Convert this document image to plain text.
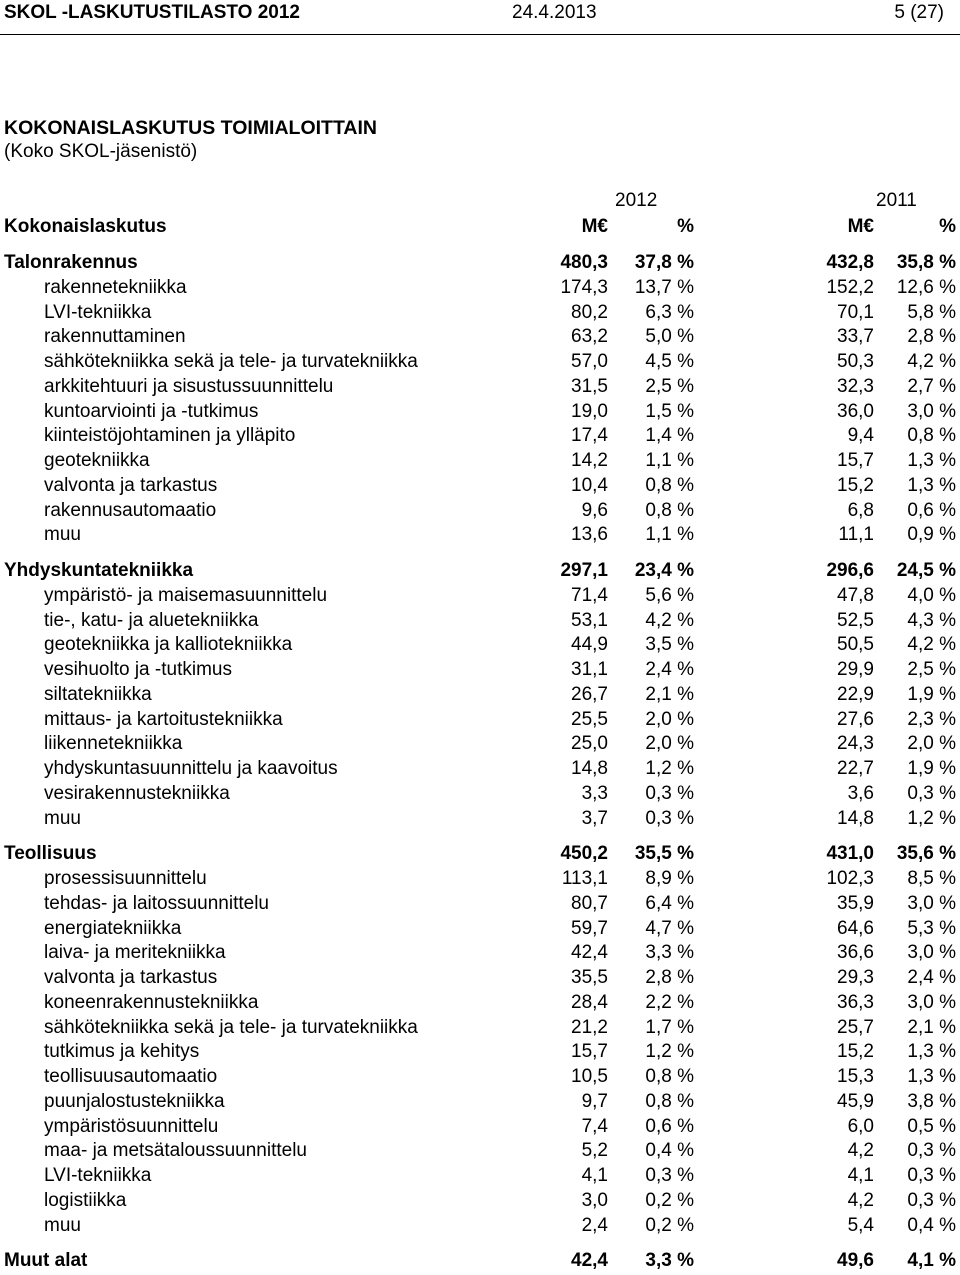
SKOL -LASKUTUSTILASTO 2012	24.4.2013	5 (27)
KOKONAISLASKUTUS TOIMIALOITTAIN
(Koko SKOL-jäsenistö)
2012	2011
Kokonaislaskutus	M€	%	M€	%
Talonrakennus	480,3 37,8 %	432,8 35,8 %
rakennetekniikka	174,3 13,7 %	152,2 12,6 %
LVI-tekniikka	80,2 6,3 %	70,1 5,8 %
rakennuttaminen	63,2 5,0 %	33,7 2,8 %
sähkötekniikka sekä ja tele- ja turvatekniikka	57,0 4,5 %	50,3 4,2 %
arkkitehtuuri ja sisustussuunnittelu	31,5 2,5 %	32,3 2,7 %
kuntoarviointi ja -tutkimus	19,0 1,5 %	36,0 3,0 %
kiinteistöjohtaminen ja ylläpito	17,4 1,4 %	9,4 0,8 %
geotekniikka	14,2 1,1 %	15,7 1,3 %
valvonta ja tarkastus	10,4 0,8 %	15,2 1,3 %
rakennusautomaatio	9,6 0,8 %	6,8 0,6 %
muu	13,6 1,1 %	11,1 0,9 %
Yhdyskuntatekniikka	297,1 23,4 %	296,6 24,5 %
ympäristö- ja maisemasuunnittelu	71,4 5,6 %	47,8 4,0 %
tie-, katu- ja aluetekniikka	53,1 4,2 %	52,5 4,3 %
geotekniikka ja kalliotekniikka	44,9 3,5 %	50,5 4,2 %
vesihuolto ja -tutkimus	31,1 2,4 %	29,9 2,5 %
siltatekniikka	26,7 2,1 %	22,9 1,9 %
mittaus- ja kartoitustekniikka	25,5 2,0 %	27,6 2,3 %
liikennetekniikka	25,0 2,0 %	24,3 2,0 %
yhdyskuntasuunnittelu ja kaavoitus	14,8 1,2 %	22,7 1,9 %
vesirakennustekniikka	3,3 0,3 %	3,6 0,3 %
muu	3,7 0,3 %	14,8 1,2 %
Teollisuus	450,2 35,5 %	431,0 35,6 %
prosessisuunnittelu	113,1 8,9 %	102,3 8,5 %
tehdas- ja laitossuunnittelu	80,7 6,4 %	35,9 3,0 %
energiatekniikka	59,7 4,7 %	64,6 5,3 %
laiva- ja meritekniikka	42,4 3,3 %	36,6 3,0 %
valvonta ja tarkastus	35,5 2,8 %	29,3 2,4 %
koneenrakennustekniikka	28,4 2,2 %	36,3 3,0 %
sähkötekniikka sekä ja tele- ja turvatekniikka	21,2 1,7 %	25,7 2,1 %
tutkimus ja kehitys	15,7 1,2 %	15,2 1,3 %
teollisuusautomaatio	10,5 0,8 %	15,3 1,3 %
puunjalostustekniikka	9,7 0,8 %	45,9 3,8 %
ympäristösuunnittelu	7,4 0,6 %	6,0 0,5 %
maa- ja metsätaloussuunnittelu	5,2 0,4 %	4,2 0,3 %
LVI-tekniikka	4,1 0,3 %	4,1 0,3 %
logistiikka	3,0 0,2 %	4,2 0,3 %
muu	2,4 0,2 %	5,4 0,4 %
Muut alat	42,4 3,3 %	49,6 4,1 %
